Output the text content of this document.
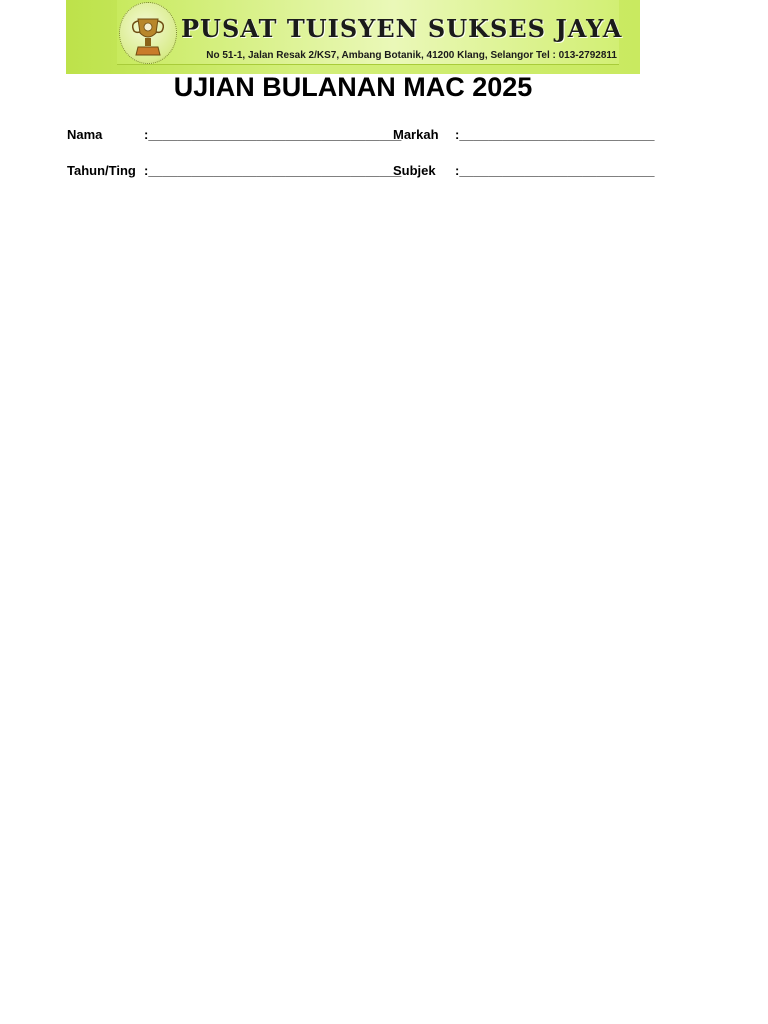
PUSAT TUISYEN SUKSES JAYA
No 51-1, Jalan Resak 2/KS7, Ambang Botanik, 41200 Klang, Selangor Tel : 013-2792811
UJIAN BULANAN MAC 2025
Nama	:___________________________________
Markah :___________________________
Tahun/Ting :___________________________________
Subjek :___________________________
